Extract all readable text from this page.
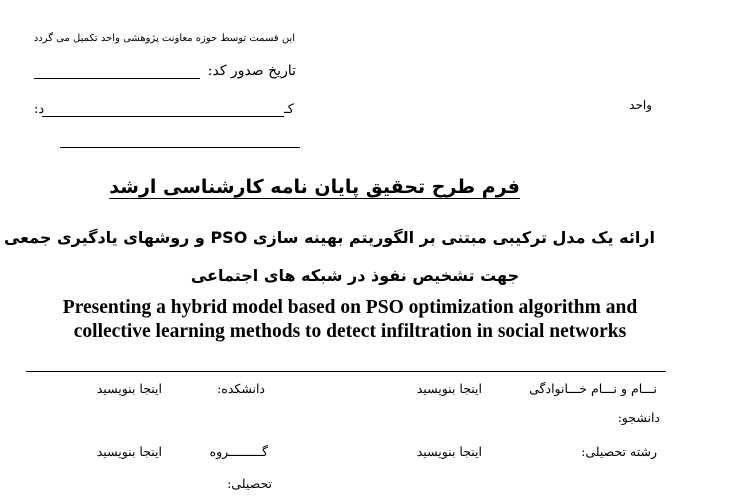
این قسمت توسط حوزه معاونت پژوهشی واحد تکمیل می گردد
تاریخ صدور کد:
کـ
د:	واحد
فرم طرح تحقیق پایان نامه کارشناسی ارشد
ارائه یک مدل ترکیبی مبتنی بر الگوریتم بهینه سازی PSO و روشهای یادگیری جمعی
جهت تشخیص نفوذ در شبکه های اجتماعی
Presenting a hybrid model based on PSO optimization algorithm and collective learning methods to detect infiltration in social networks
نـــام و نـــام خـــانوادگی
دانشجو:
اینجا بنویسید
دانشکده:
اینجا بنویسید
رشته تحصیلی:
اینجا بنویسید
گـــــــــروه
تحصیلی:
اینجا بنویسید
